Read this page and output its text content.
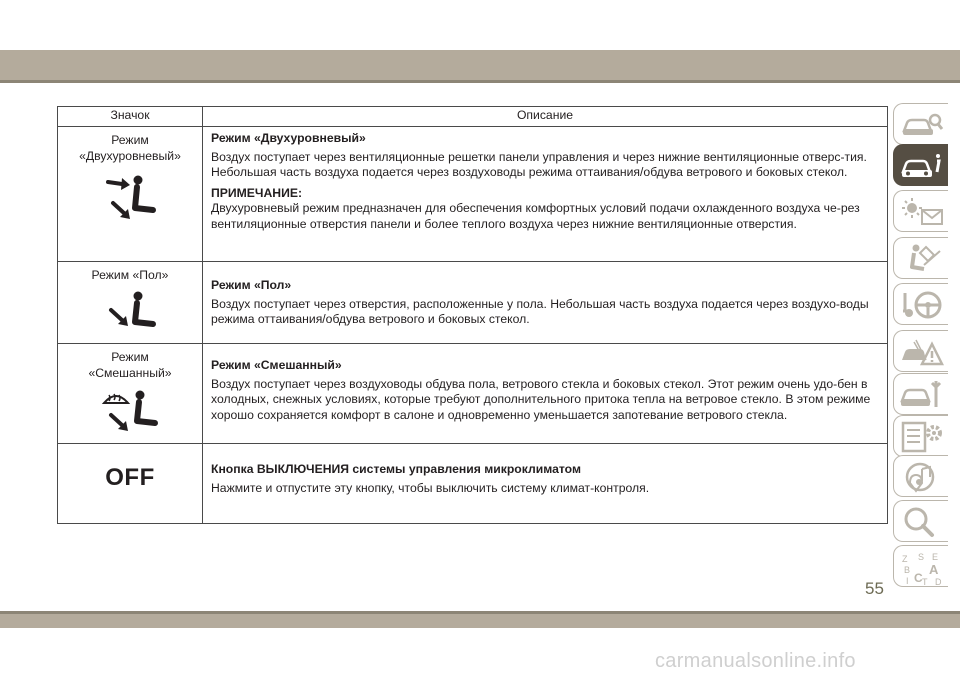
Значок	Описание

Режим
«Двухуровневый»	Режим «Двухуровневый»
Воздух поступает через вентиляционные решетки панели управления и через нижние вентиляционные отверс-тия. Небольшая часть воздуха подается через воздуховоды режима оттаивания/обдува ветрового и боковых стекол.
ПРИМЕЧАНИЕ:
Двухуровневый режим предназначен для обеспечения комфортных условий подачи охлажденного воздуха че-рез вентиляционные отверстия панели и более теплого воздуха через нижние вентиляционные отверстия.

Режим «Пол»	Режим «Пол»
Воздух поступает через отверстия, расположенные у пола. Небольшая часть воздуха подается через воздухо-воды режима оттаивания/обдува ветрового и боковых стекол.

Режим
«Смешанный»	Режим «Смешанный»
Воздух поступает через воздуховоды обдува пола, ветрового стекла и боковых стекол. Этот режим очень удо-бен в холодных, снежных условиях, которые требуют дополнительного притока тепла на ветровое стекло. В этом режиме хорошо сохраняется комфорт в салоне и одновременно уменьшается запотевание ветрового стекла.

OFF	Кнопка ВЫКЛЮЧЕНИЯ системы управления микроклиматом
Нажмите и отпустите эту кнопку, чтобы выключить систему климат-контроля.
Z S E
B A
I C T D
55
carmanualsonline.info
